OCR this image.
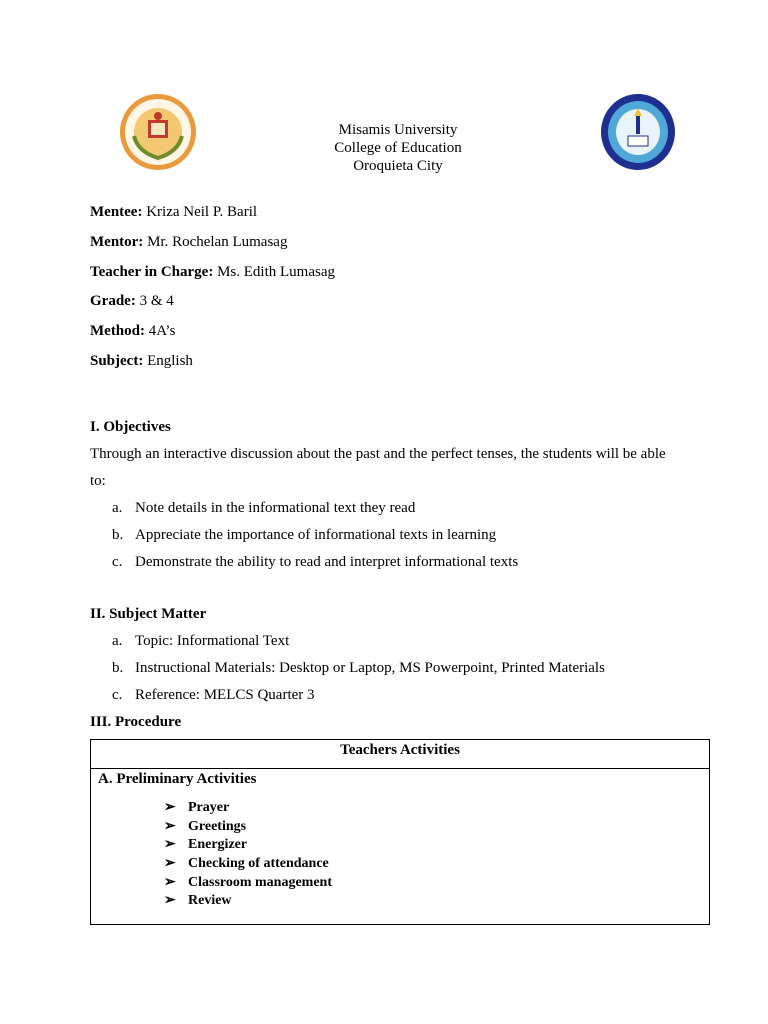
Misamis University
College of Education
Oroquieta City
Mentee: Kriza Neil P. Baril
Mentor: Mr. Rochelan Lumasag
Teacher in Charge: Ms. Edith Lumasag
Grade: 3 & 4
Method: 4A’s
Subject: English
I. Objectives
Through an interactive discussion about the past and the perfect tenses, the students will be able
to:
a. Note details in the informational text they read
b. Appreciate the importance of informational texts in learning
c. Demonstrate the ability to read and interpret informational texts
II. Subject Matter
a. Topic: Informational Text
b. Instructional Materials: Desktop or Laptop, MS Powerpoint, Printed Materials
c. Reference: MELCS Quarter 3
III. Procedure
Teachers Activities
A. Preliminary Activities
➢ Prayer
➢ Greetings
➢ Energizer
➢ Checking of attendance
➢ Classroom management
➢ Review
